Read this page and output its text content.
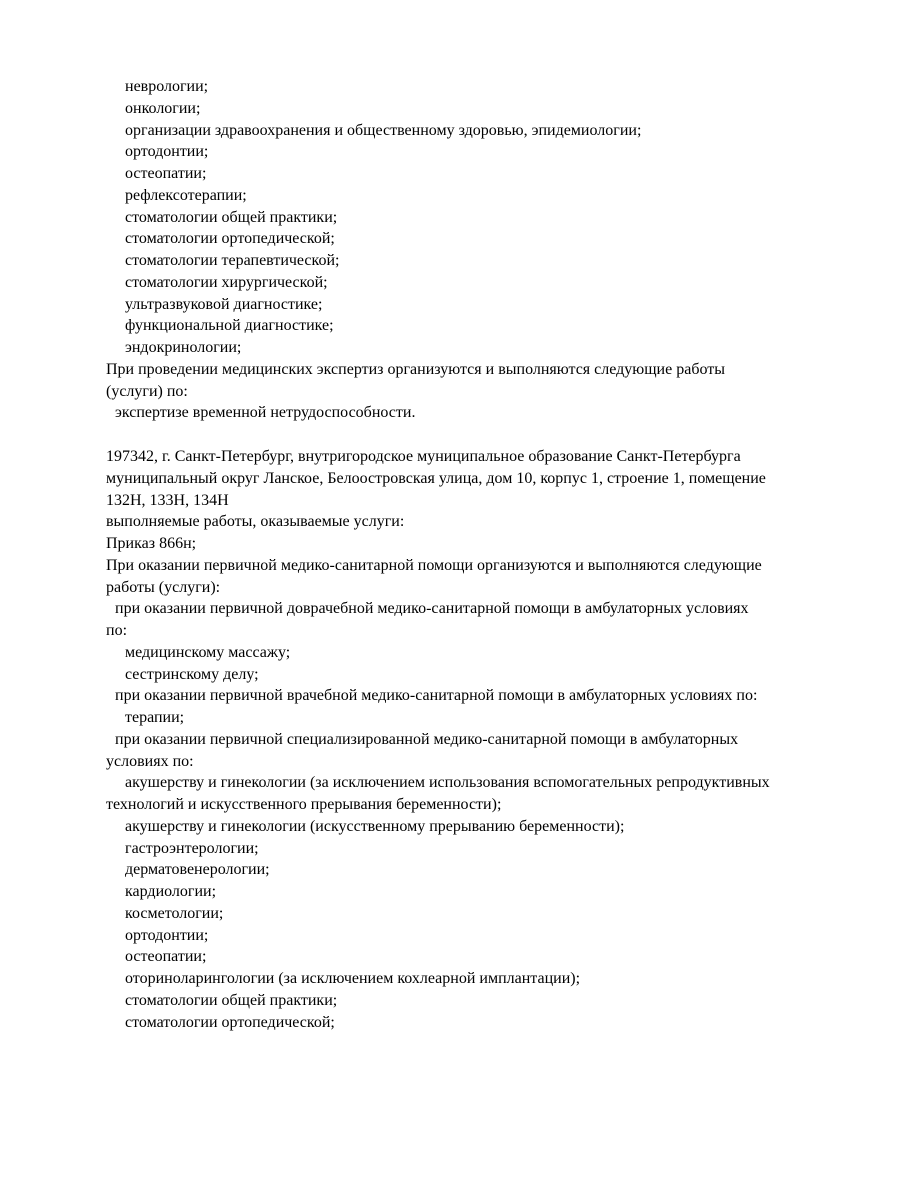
неврологии;

онкологии;

организации здравоохранения и общественному здоровью, эпидемиологии;

ортодонтии;

остеопатии;

рефлексотерапии;

стоматологии общей практики;

стоматологии ортопедической;

стоматологии терапевтической;

стоматологии хирургической;

ультразвуковой диагностике;

функциональной диагностике;

эндокринологии;

При проведении медицинских экспертиз организуются и выполняются следующие работы

(услуги) по:

экспертизе временной нетрудоспособности.

197342, г. Санкт-Петербург, внутригородское муниципальное образование Санкт-Петербурга

муниципальный округ Ланское, Белоостровская улица, дом 10, корпус 1, строение 1, помещение

132Н, 133Н, 134Н

выполняемые работы, оказываемые услуги:

Приказ 866н;

При оказании первичной медико-санитарной помощи организуются и выполняются следующие

работы (услуги):

при оказании первичной доврачебной медико-санитарной помощи в амбулаторных условиях

по:

медицинскому массажу;

сестринскому делу;

при оказании первичной врачебной медико-санитарной помощи в амбулаторных условиях по:

терапии;

при оказании первичной специализированной медико-санитарной помощи в амбулаторных

условиях по:

акушерству и гинекологии (за исключением использования вспомогательных репродуктивных

технологий и искусственного прерывания беременности);

акушерству и гинекологии (искусственному прерыванию беременности);

гастроэнтерологии;

дерматовенерологии;

кардиологии;

косметологии;

ортодонтии;

остеопатии;

оториноларингологии (за исключением кохлеарной имплантации);

стоматологии общей практики;

стоматологии ортопедической;
